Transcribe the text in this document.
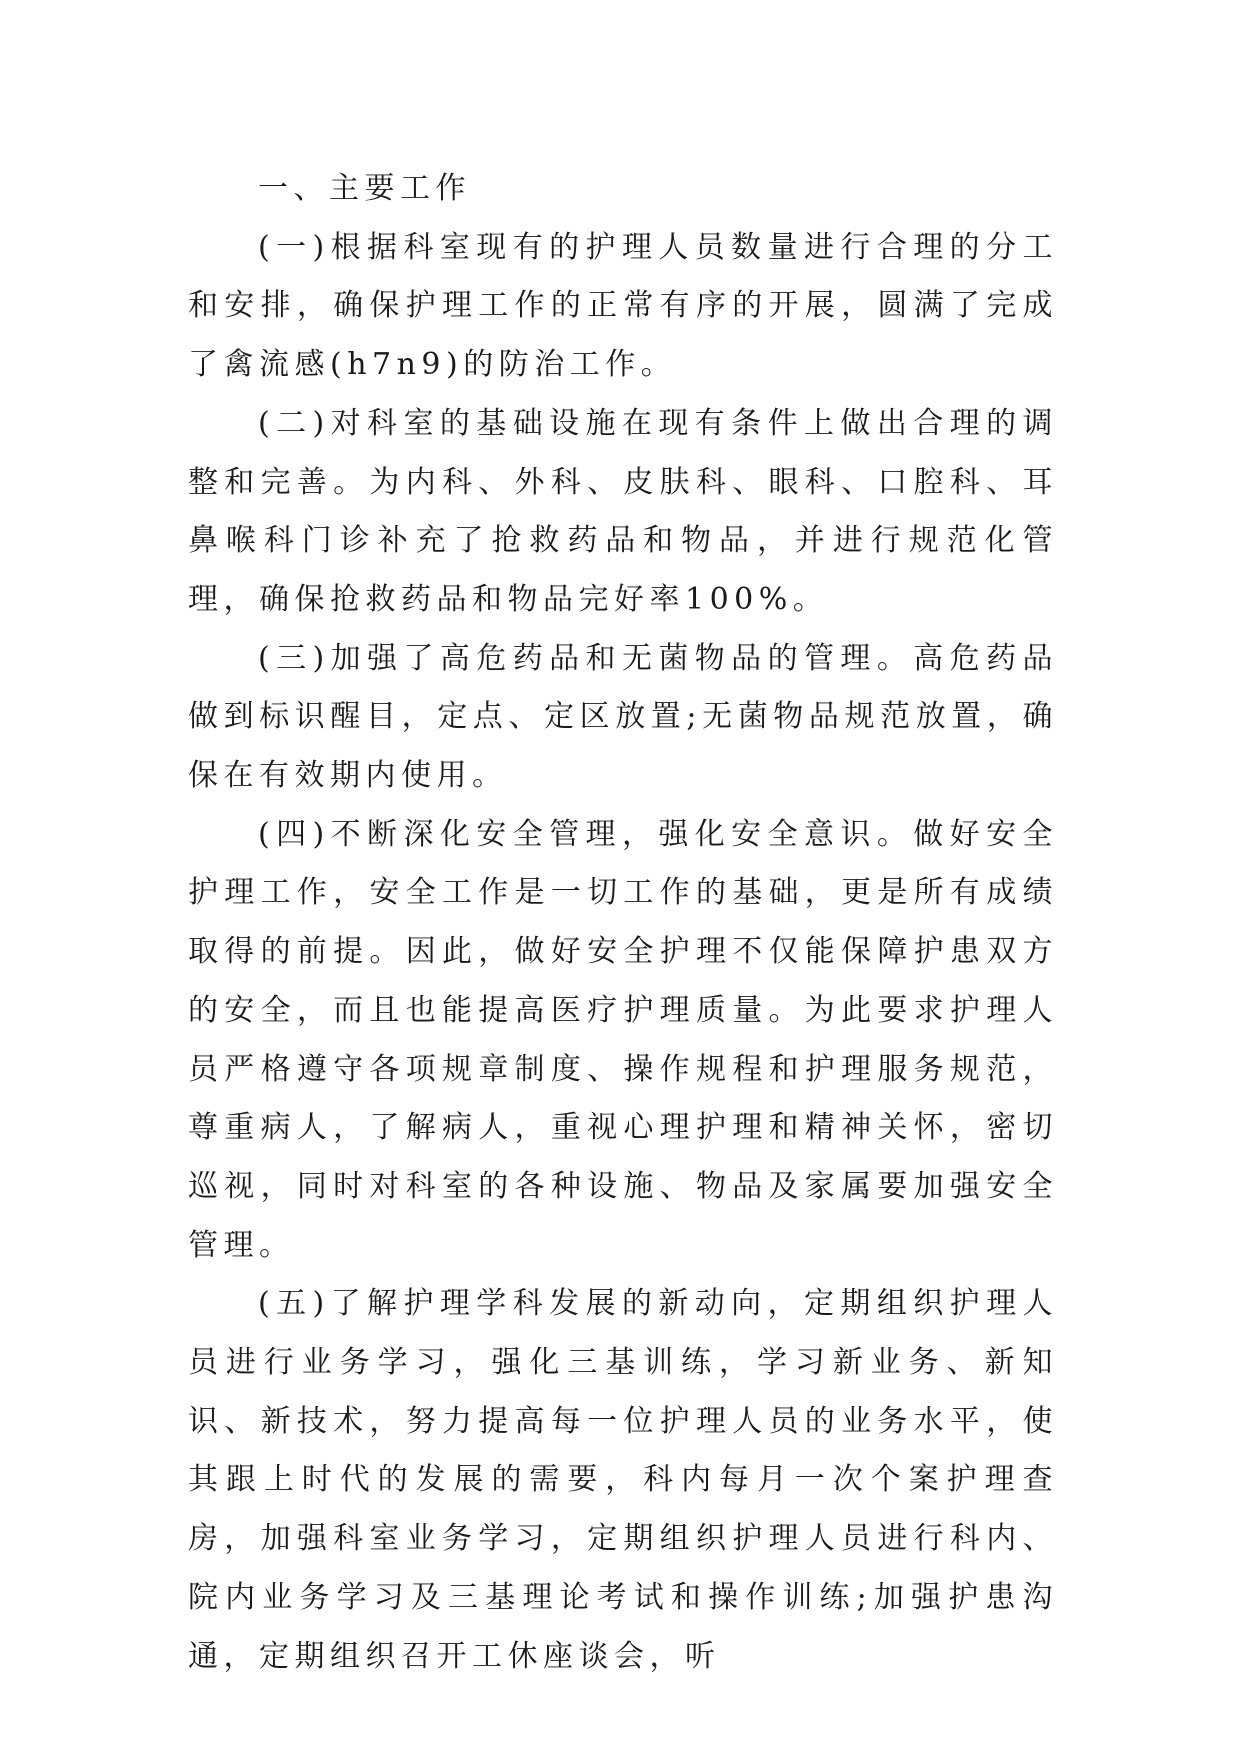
一、主要工作

(一)根据科室现有的护理人员数量进行合理的分工和安排，确保护理工作的正常有序的开展，圆满了完成了禽流感(h7n9)的防治工作。

(二)对科室的基础设施在现有条件上做出合理的调整和完善。为内科、外科、皮肤科、眼科、口腔科、耳鼻喉科门诊补充了抢救药品和物品，并进行规范化管理，确保抢救药品和物品完好率100%。

(三)加强了高危药品和无菌物品的管理。高危药品做到标识醒目，定点、定区放置;无菌物品规范放置，确保在有效期内使用。

(四)不断深化安全管理，强化安全意识。做好安全护理工作，安全工作是一切工作的基础，更是所有成绩取得的前提。因此，做好安全护理不仅能保障护患双方的安全，而且也能提高医疗护理质量。为此要求护理人员严格遵守各项规章制度、操作规程和护理服务规范，尊重病人，了解病人，重视心理护理和精神关怀，密切巡视，同时对科室的各种设施、物品及家属要加强安全管理。

(五)了解护理学科发展的新动向，定期组织护理人员进行业务学习，强化三基训练，学习新业务、新知识、新技术，努力提高每一位护理人员的业务水平，使其跟上时代的发展的需要，科内每月一次个案护理查房，加强科室业务学习，定期组织护理人员进行科内、院内业务学习及三基理论考试和操作训练;加强护患沟通，定期组织召开工休座谈会，听
